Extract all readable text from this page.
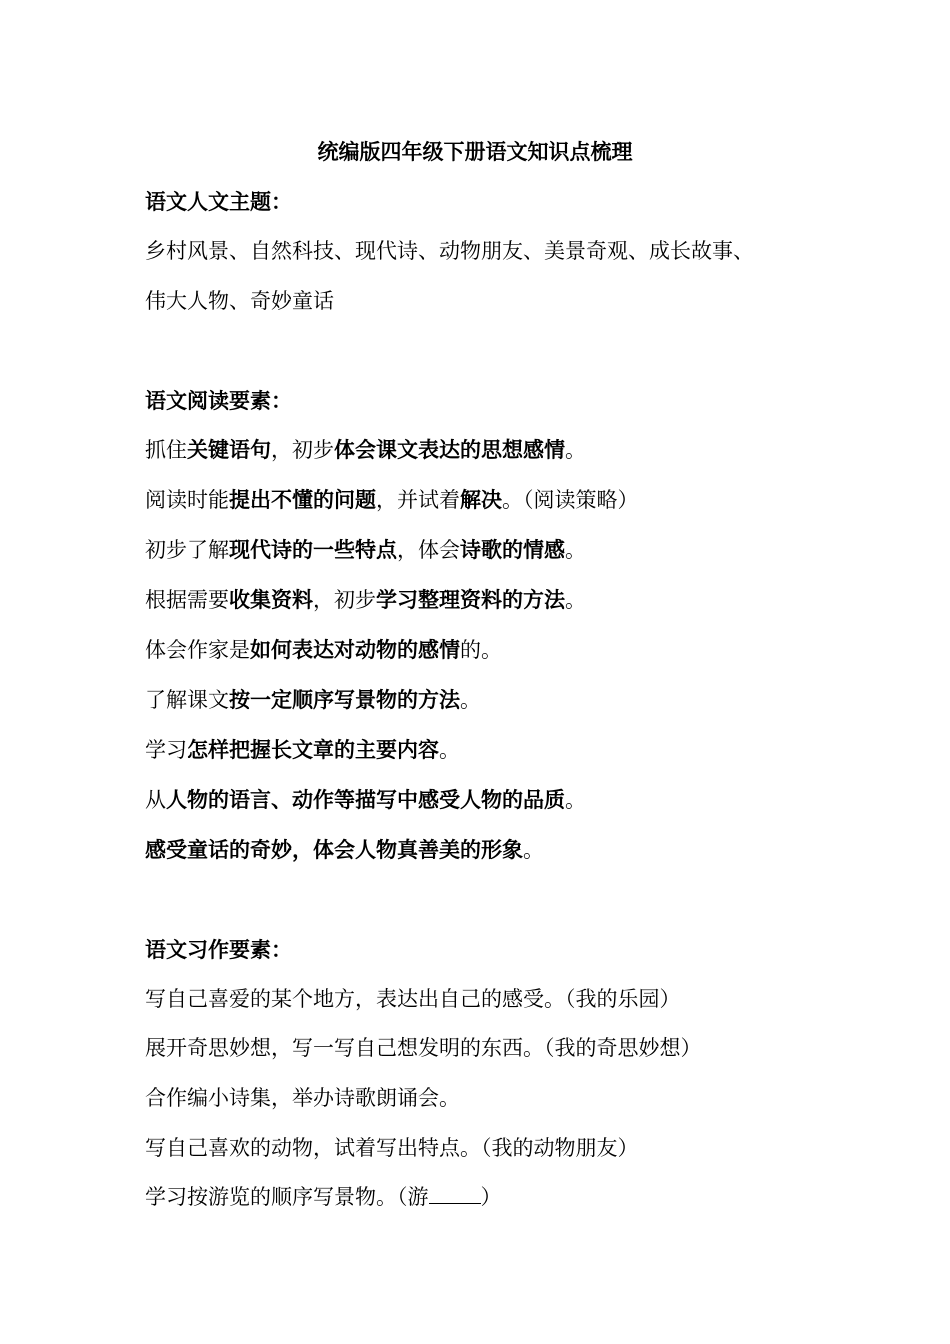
统编版四年级下册语文知识点梳理
语文人文主题：
乡村风景、自然科技、现代诗、动物朋友、美景奇观、成长故事、
伟大人物、奇妙童话
语文阅读要素：
抓住关键语句，初步体会课文表达的思想感情。
阅读时能提出不懂的问题，并试着解决。（阅读策略）
初步了解现代诗的一些特点，体会诗歌的情感。
根据需要收集资料，初步学习整理资料的方法。
体会作家是如何表达对动物的感情的。
了解课文按一定顺序写景物的方法。
学习怎样把握长文章的主要内容。
从人物的语言、动作等描写中感受人物的品质。
感受童话的奇妙，体会人物真善美的形象。
语文习作要素：
写自己喜爱的某个地方，表达出自己的感受。（我的乐园）
展开奇思妙想，写一写自己想发明的东西。（我的奇思妙想）
合作编小诗集，举办诗歌朗诵会。
写自己喜欢的动物，试着写出特点。（我的动物朋友）
学习按游览的顺序写景物。（游 ）
